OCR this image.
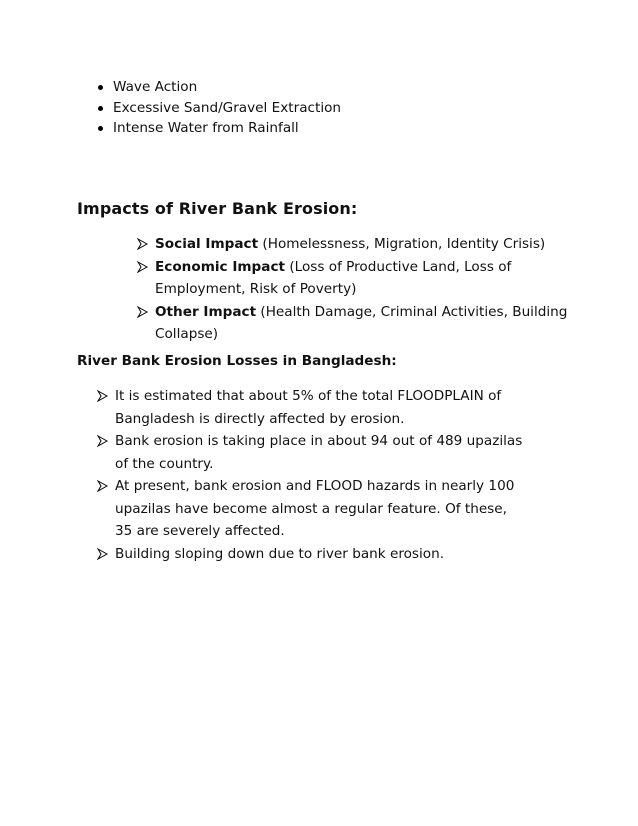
Wave Action
Excessive Sand/Gravel Extraction
Intense Water from Rainfall
Impacts of River Bank Erosion:
Social Impact (Homelessness, Migration, Identity Crisis)
Economic Impact (Loss of Productive Land, Loss of Employment, Risk of Poverty)
Other Impact (Health Damage, Criminal Activities, Building Collapse)
River Bank Erosion Losses in Bangladesh:
It is estimated that about 5% of the total FLOODPLAIN of Bangladesh is directly affected by erosion.
Bank erosion is taking place in about 94 out of 489 upazilas of the country.
At present, bank erosion and FLOOD hazards in nearly 100 upazilas have become almost a regular feature. Of these, 35 are severely affected.
Building sloping down due to river bank erosion.
